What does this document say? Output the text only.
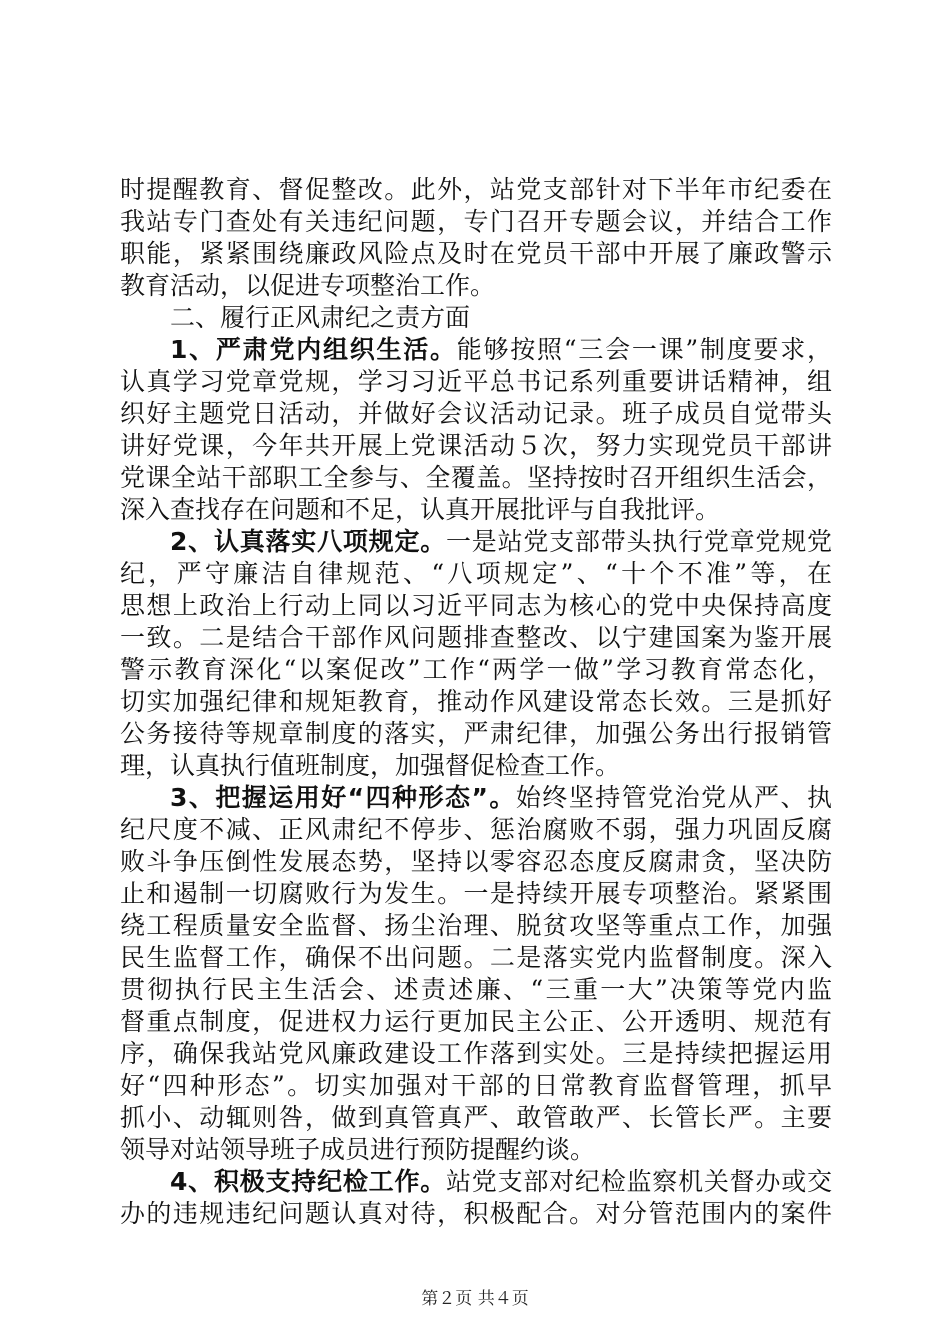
时提醒教育、督促整改。此外，站党支部针对下半年市纪委在
我站专门查处有关违纪问题，专门召开专题会议，并结合工作
职能，紧紧围绕廉政风险点及时在党员干部中开展了廉政警示
教育活动，以促进专项整治工作。
二、履行正风肃纪之责方面
1、严肃党内组织生活。能够按照“三会一课”制度要求，
认真学习党章党规，学习习近平总书记系列重要讲话精神，组
织好主题党日活动，并做好会议活动记录。班子成员自觉带头
讲好党课，今年共开展上党课活动５次，努力实现党员干部讲
党课全站干部职工全参与、全覆盖。坚持按时召开组织生活会，
深入查找存在问题和不足，认真开展批评与自我批评。
2、认真落实八项规定。一是站党支部带头执行党章党规党
纪，严守廉洁自律规范、“八项规定”、“十个不准”等，在
思想上政治上行动上同以习近平同志为核心的党中央保持高度
一致。二是结合干部作风问题排查整改、以宁建国案为鉴开展
警示教育深化“以案促改”工作“两学一做”学习教育常态化，
切实加强纪律和规矩教育，推动作风建设常态长效。三是抓好
公务接待等规章制度的落实，严肃纪律，加强公务出行报销管
理，认真执行值班制度，加强督促检查工作。
3、把握运用好“四种形态”。始终坚持管党治党从严、执
纪尺度不减、正风肃纪不停步、惩治腐败不弱，强力巩固反腐
败斗争压倒性发展态势，坚持以零容忍态度反腐肃贪，坚决防
止和遏制一切腐败行为发生。一是持续开展专项整治。紧紧围
绕工程质量安全监督、扬尘治理、脱贫攻坚等重点工作，加强
民生监督工作，确保不出问题。二是落实党内监督制度。深入
贯彻执行民主生活会、述责述廉、“三重一大”决策等党内监
督重点制度，促进权力运行更加民主公正、公开透明、规范有
序，确保我站党风廉政建设工作落到实处。三是持续把握运用
好“四种形态”。切实加强对干部的日常教育监督管理，抓早
抓小、动辄则咎，做到真管真严、敢管敢严、长管长严。主要
领导对站领导班子成员进行预防提醒约谈。
4、积极支持纪检工作。站党支部对纪检监察机关督办或交
办的违规违纪问题认真对待，积极配合。对分管范围内的案件
第２页 共４页
